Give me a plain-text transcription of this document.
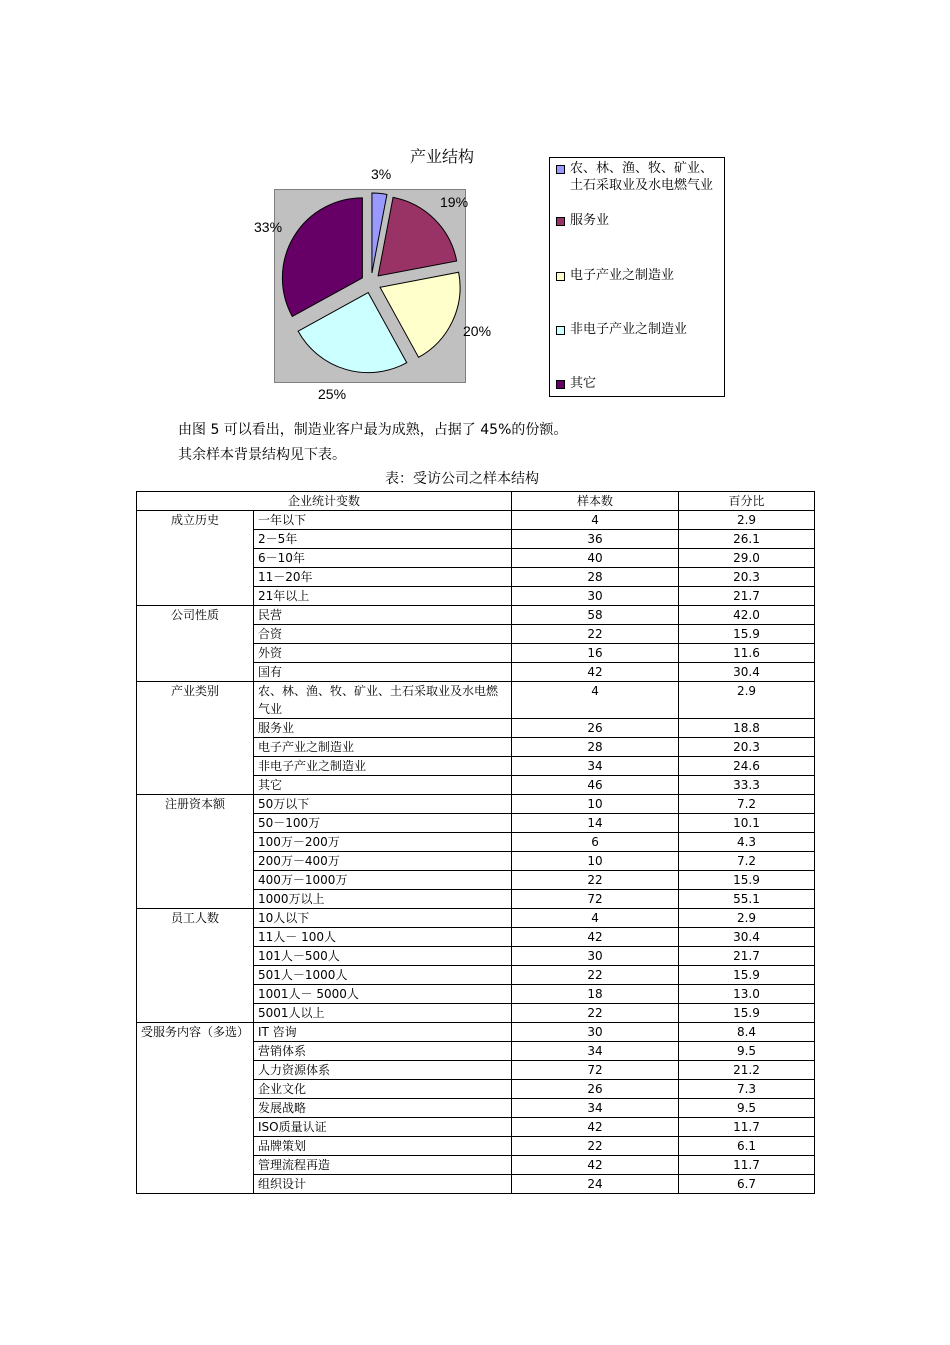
产业结构
3%
19%
20%
25%
33%
农、林、渔、牧、矿业、土石采取业及水电燃气业
服务业
电子产业之制造业
非电子产业之制造业
其它
由图 5 可以看出，制造业客户最为成熟，占据了 45%的份额。
其余样本背景结构见下表。
表：受访公司之样本结构
企业统计变数		样本数	百分比
成立历史	一年以下	4	2.9
	2－5年	36	26.1
	6－10年	40	29.0
	11－20年	28	20.3
	21年以上	30	21.7
公司性质	民营	58	42.0
	合资	22	15.9
	外资	16	11.6
	国有	42	30.4
产业类别	农、林、渔、牧、矿业、土石采取业及水电燃气业	4	2.9
	服务业	26	18.8
	电子产业之制造业	28	20.3
	非电子产业之制造业	34	24.6
	其它	46	33.3
注册资本额	50万以下	10	7.2
	50－100万	14	10.1
	100万－200万	6	4.3
	200万－400万	10	7.2
	400万－1000万	22	15.9
	1000万以上	72	55.1
员工人数	10人以下	4	2.9
	11人－ 100人	42	30.4
	101人－500人	30	21.7
	501人－1000人	22	15.9
	1001人－ 5000人	18	13.0
	5001人以上	22	15.9
受服务内容（多选）	IT 咨询	30	8.4
	营销体系	34	9.5
	人力资源体系	72	21.2
	企业文化	26	7.3
	发展战略	34	9.5
	ISO质量认证	42	11.7
	品牌策划	22	6.1
	管理流程再造	42	11.7
	组织设计	24	6.7
